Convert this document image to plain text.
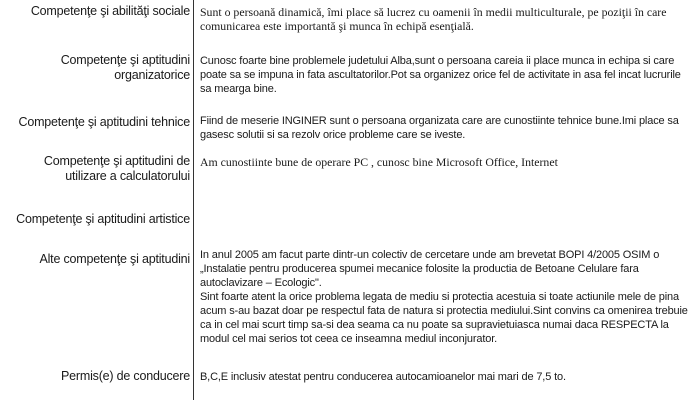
Competenţe şi abilităţi sociale Sunt o persoană dinamică, îmi place să lucrez cu oamenii în medii multiculturale, pe poziţii în care comunicarea este importantă şi munca în echipă esenţială.
Competenţe şi aptitudini organizatorice
Cunosc foarte bine problemele judetului Alba,sunt o persoana careia ii place munca in echipa si care poate sa se impuna in fata ascultatorilor.Pot sa organizez orice fel de activitate in asa fel incat lucrurile sa mearga bine.
Competenţe şi aptitudini tehnice Fiind de meserie INGINER sunt o persoana organizata care are cunostiinte tehnice bune.Imi place sa gasesc solutii si sa rezolv orice probleme care se iveste.
Competenţe şi aptitudini de utilizare a calculatorului
Am cunostiinte bune de operare PC , cunosc bine Microsoft Office, Internet
Competenţe şi aptitudini artistice
Alte competenţe şi aptitudini In anul 2005 am facut parte dintr-un colectiv de cercetare unde am brevetat BOPI 4/2005 OSIM o „Instalatie pentru producerea spumei mecanice folosite la productia de Betoane Celulare fara autoclavizare – Ecologic".
Sint foarte atent la orice problema legata de mediu si protectia acestuia si toate actiunile mele de pina acum s-au bazat doar pe respectul fata de natura si protectia mediului.Sint convins ca omenirea trebuie ca in cel mai scurt timp sa-si dea seama ca nu poate sa supravietuiasca numai daca RESPECTA la modul cel mai serios tot ceea ce inseamna mediul inconjurator.
Permis(e) de conducere B,C,E inclusiv atestat pentru conducerea autocamioanelor mai mari de 7,5 to.
